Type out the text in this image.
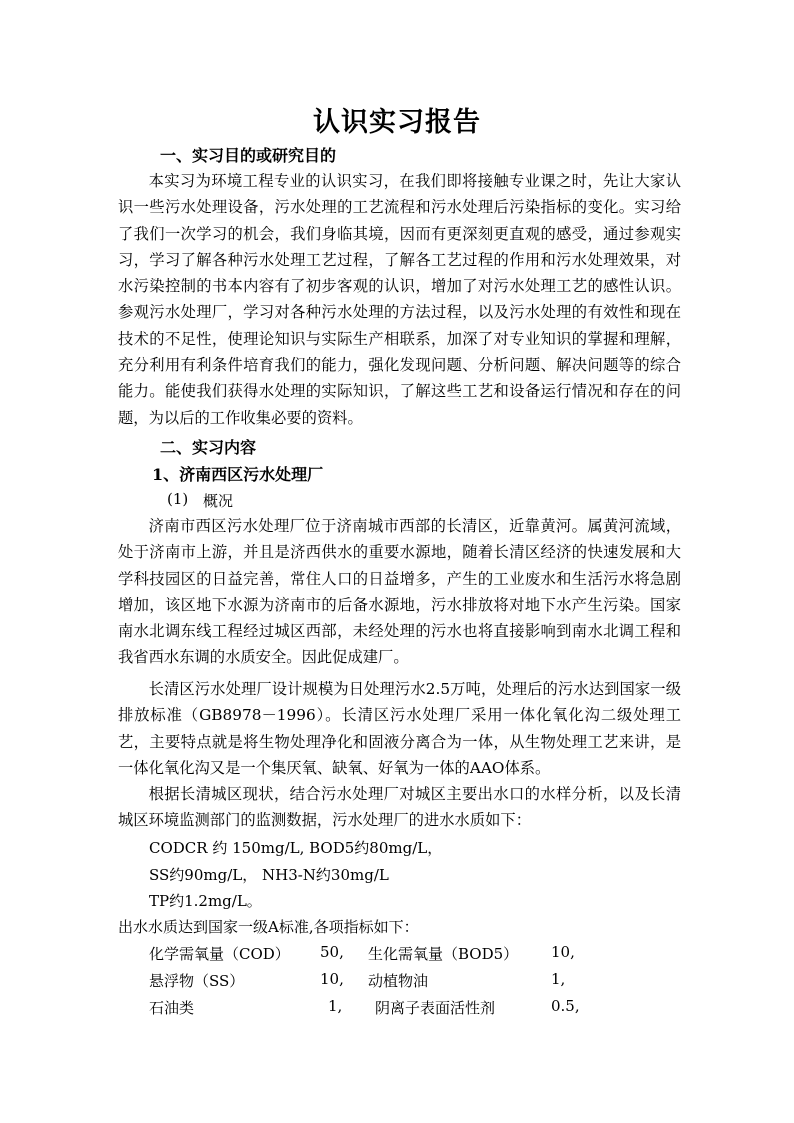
认识实习报告
一、实习目的或研究目的
本实习为环境工程专业的认识实习，在我们即将接触专业课之时，先让大家认识一些污水处理设备，污水处理的工艺流程和污水处理后污染指标的变化。实习给了我们一次学习的机会，我们身临其境，因而有更深刻更直观的感受，通过参观实习，学习了解各种污水处理工艺过程，了解各工艺过程的作用和污水处理效果，对水污染控制的书本内容有了初步客观的认识，增加了对污水处理工艺的感性认识。参观污水处理厂，学习对各种污水处理的方法过程，以及污水处理的有效性和现在技术的不足性，使理论知识与实际生产相联系，加深了对专业知识的掌握和理解，充分利用有利条件培育我们的能力，强化发现问题、分析问题、解决问题等的综合能力。能使我们获得水处理的实际知识，了解这些工艺和设备运行情况和存在的问题，为以后的工作收集必要的资料。
二、实习内容
1、济南西区污水处理厂
(1) 概况
济南市西区污水处理厂位于济南城市西部的长清区，近靠黄河。属黄河流域，处于济南市上游，并且是济西供水的重要水源地，随着长清区经济的快速发展和大学科技园区的日益完善，常住人口的日益增多，产生的工业废水和生活污水将急剧增加，该区地下水源为济南市的后备水源地，污水排放将对地下水产生污染。国家南水北调东线工程经过城区西部，未经处理的污水也将直接影响到南水北调工程和我省西水东调的水质安全。因此促成建厂。
长清区污水处理厂设计规模为日处理污水2.5万吨，处理后的污水达到国家一级排放标准（GB8978－1996）。长清区污水处理厂采用一体化氧化沟二级处理工艺，主要特点就是将生物处理净化和固液分离合为一体，从生物处理工艺来讲，是一体化氧化沟又是一个集厌氧、缺氧、好氧为一体的AAO体系。
根据长清城区现状，结合污水处理厂对城区主要出水口的水样分析，以及长清城区环境监测部门的监测数据，污水处理厂的进水水质如下：
CODCR 约 150mg/L, BOD5约80mg/L，
SS约90mg/L， NH3-N约30mg/L
TP约1.2mg/L。
出水水质达到国家一级A标准,各项指标如下：
化学需氧量（COD） 50, 生化需氧量（BOD5） 10,
悬浮物（SS）	10, 动植物油	1,
石油类	1, 阴离子表面活性剂	0.5,
